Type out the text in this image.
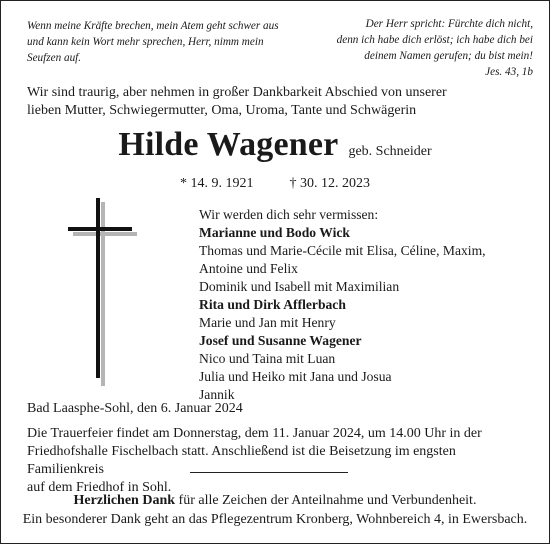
Wenn meine Kräfte brechen, mein Atem geht schwer aus
und kann kein Wort mehr sprechen, Herr, nimm mein
Seufzen auf.
Der Herr spricht: Fürchte dich nicht,
denn ich habe dich erlöst; ich habe dich bei
deinem Namen gerufen; du bist mein!
Jes. 43, 1b
Wir sind traurig, aber nehmen in großer Dankbarkeit Abschied von unserer
lieben Mutter, Schwiegermutter, Oma, Uroma, Tante und Schwägerin
Hilde Wagener geb. Schneider
* 14. 9. 1921	† 30. 12. 2023
Wir werden dich sehr vermissen:
Marianne und Bodo Wick
Thomas und Marie-Cécile mit Elisa, Céline, Maxim,
Antoine und Felix
Dominik und Isabell mit Maximilian
Rita und Dirk Afflerbach
Marie und Jan mit Henry
Josef und Susanne Wagener
Nico und Taina mit Luan
Julia und Heiko mit Jana und Josua
Jannik
Bad Laasphe-Sohl, den 6. Januar 2024
Die Trauerfeier findet am Donnerstag, dem 11. Januar 2024, um 14.00 Uhr in der
Friedhofshalle Fischelbach statt. Anschließend ist die Beisetzung im engsten Familienkreis
auf dem Friedhof in Sohl.
Herzlichen Dank für alle Zeichen der Anteilnahme und Verbundenheit.
Ein besonderer Dank geht an das Pflegezentrum Kronberg, Wohnbereich 4, in Ewersbach.
